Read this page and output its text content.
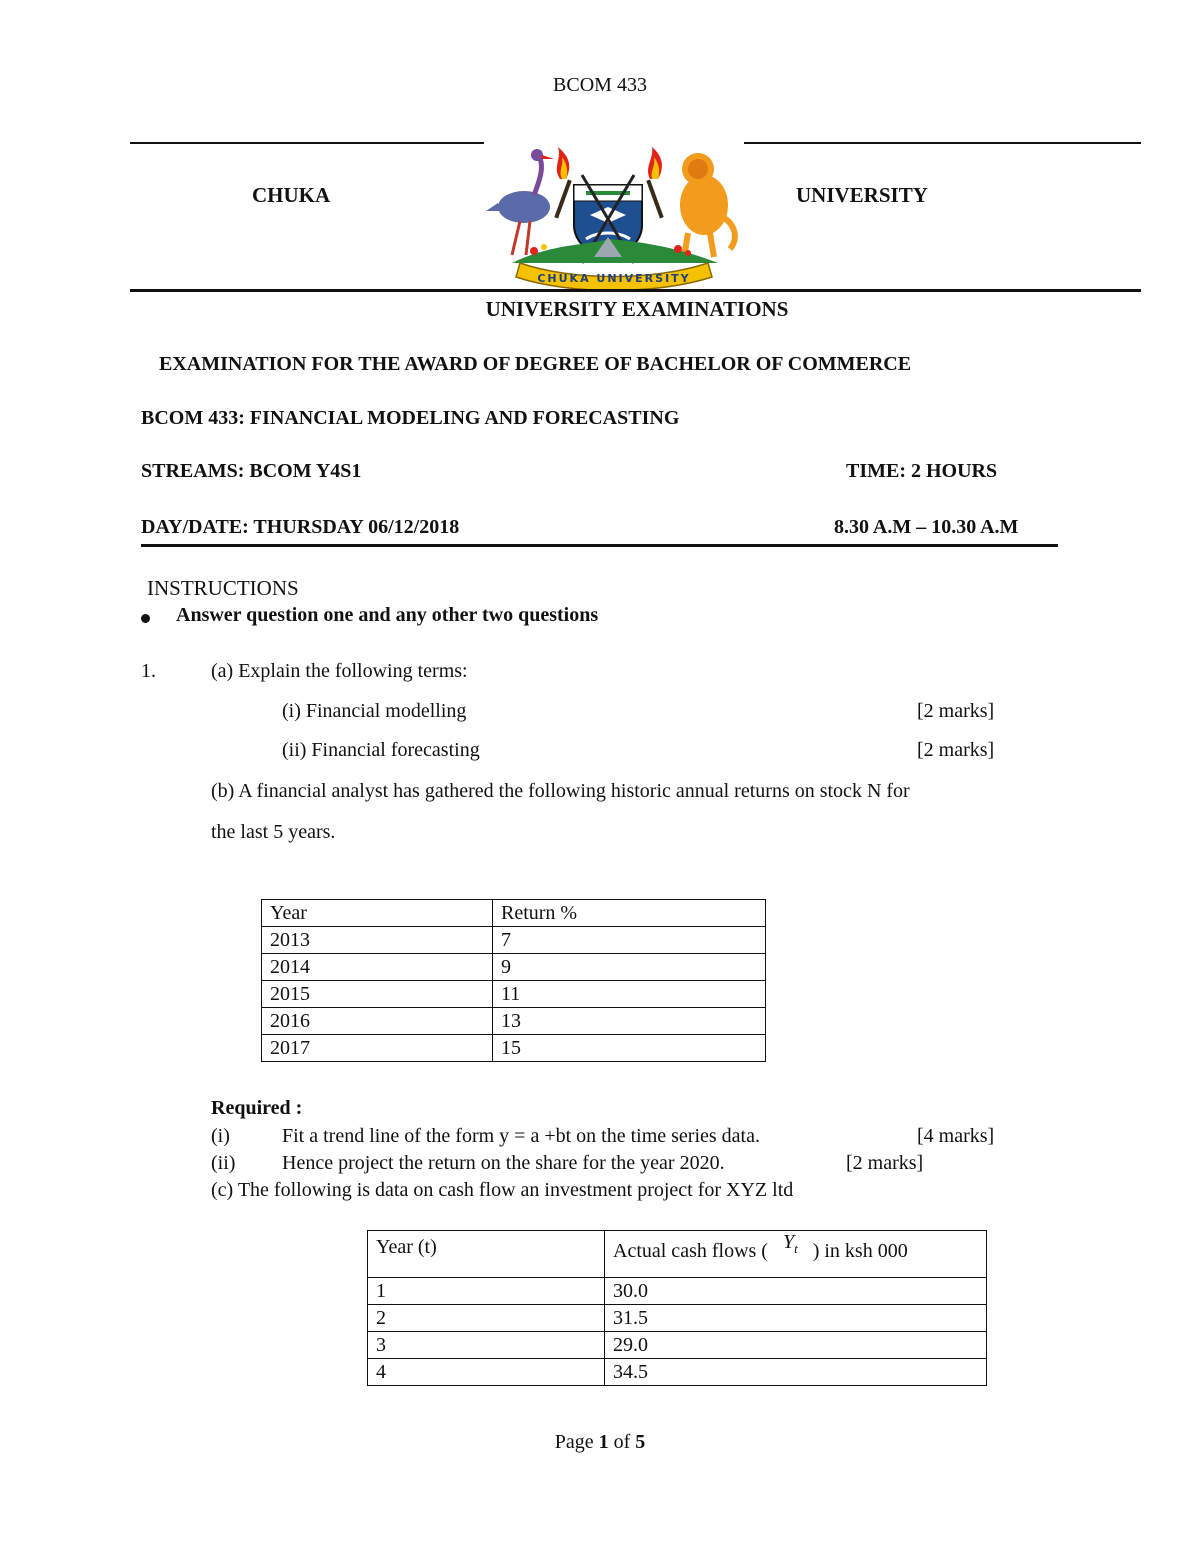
BCOM 433
CHUKA	UNIVERSITY
CHUKA UNIVERSITY
UNIVERSITY EXAMINATIONS
EXAMINATION FOR THE AWARD OF DEGREE OF BACHELOR OF COMMERCE
BCOM 433: FINANCIAL MODELING AND FORECASTING
STREAMS: BCOM Y4S1	TIME: 2 HOURS
DAY/DATE: THURSDAY 06/12/2018	8.30 A.M – 10.30 A.M
INSTRUCTIONS
Answer question one and any other two questions
1.	(a) Explain the following terms:
(i) Financial modelling	[2 marks]
(ii) Financial forecasting	[2 marks]
(b) A financial analyst has gathered the following historic annual returns on stock N for
the last 5 years.
Year	Return %
2013	7
2014	9
2015	11
2016	13
2017	15
Required :
(i)	Fit a trend line of the form y = a +bt on the time series data.	[4 marks]
(ii) Hence project the return on the share for the year 2020.	[2 marks]
(c) The following is data on cash flow an investment project for XYZ ltd
Year (t)	Actual cash flows ( $Y_t$ ) in ksh 000
1	30.0
2	31.5
3	29.0
4	34.5
Page 1 of 5
